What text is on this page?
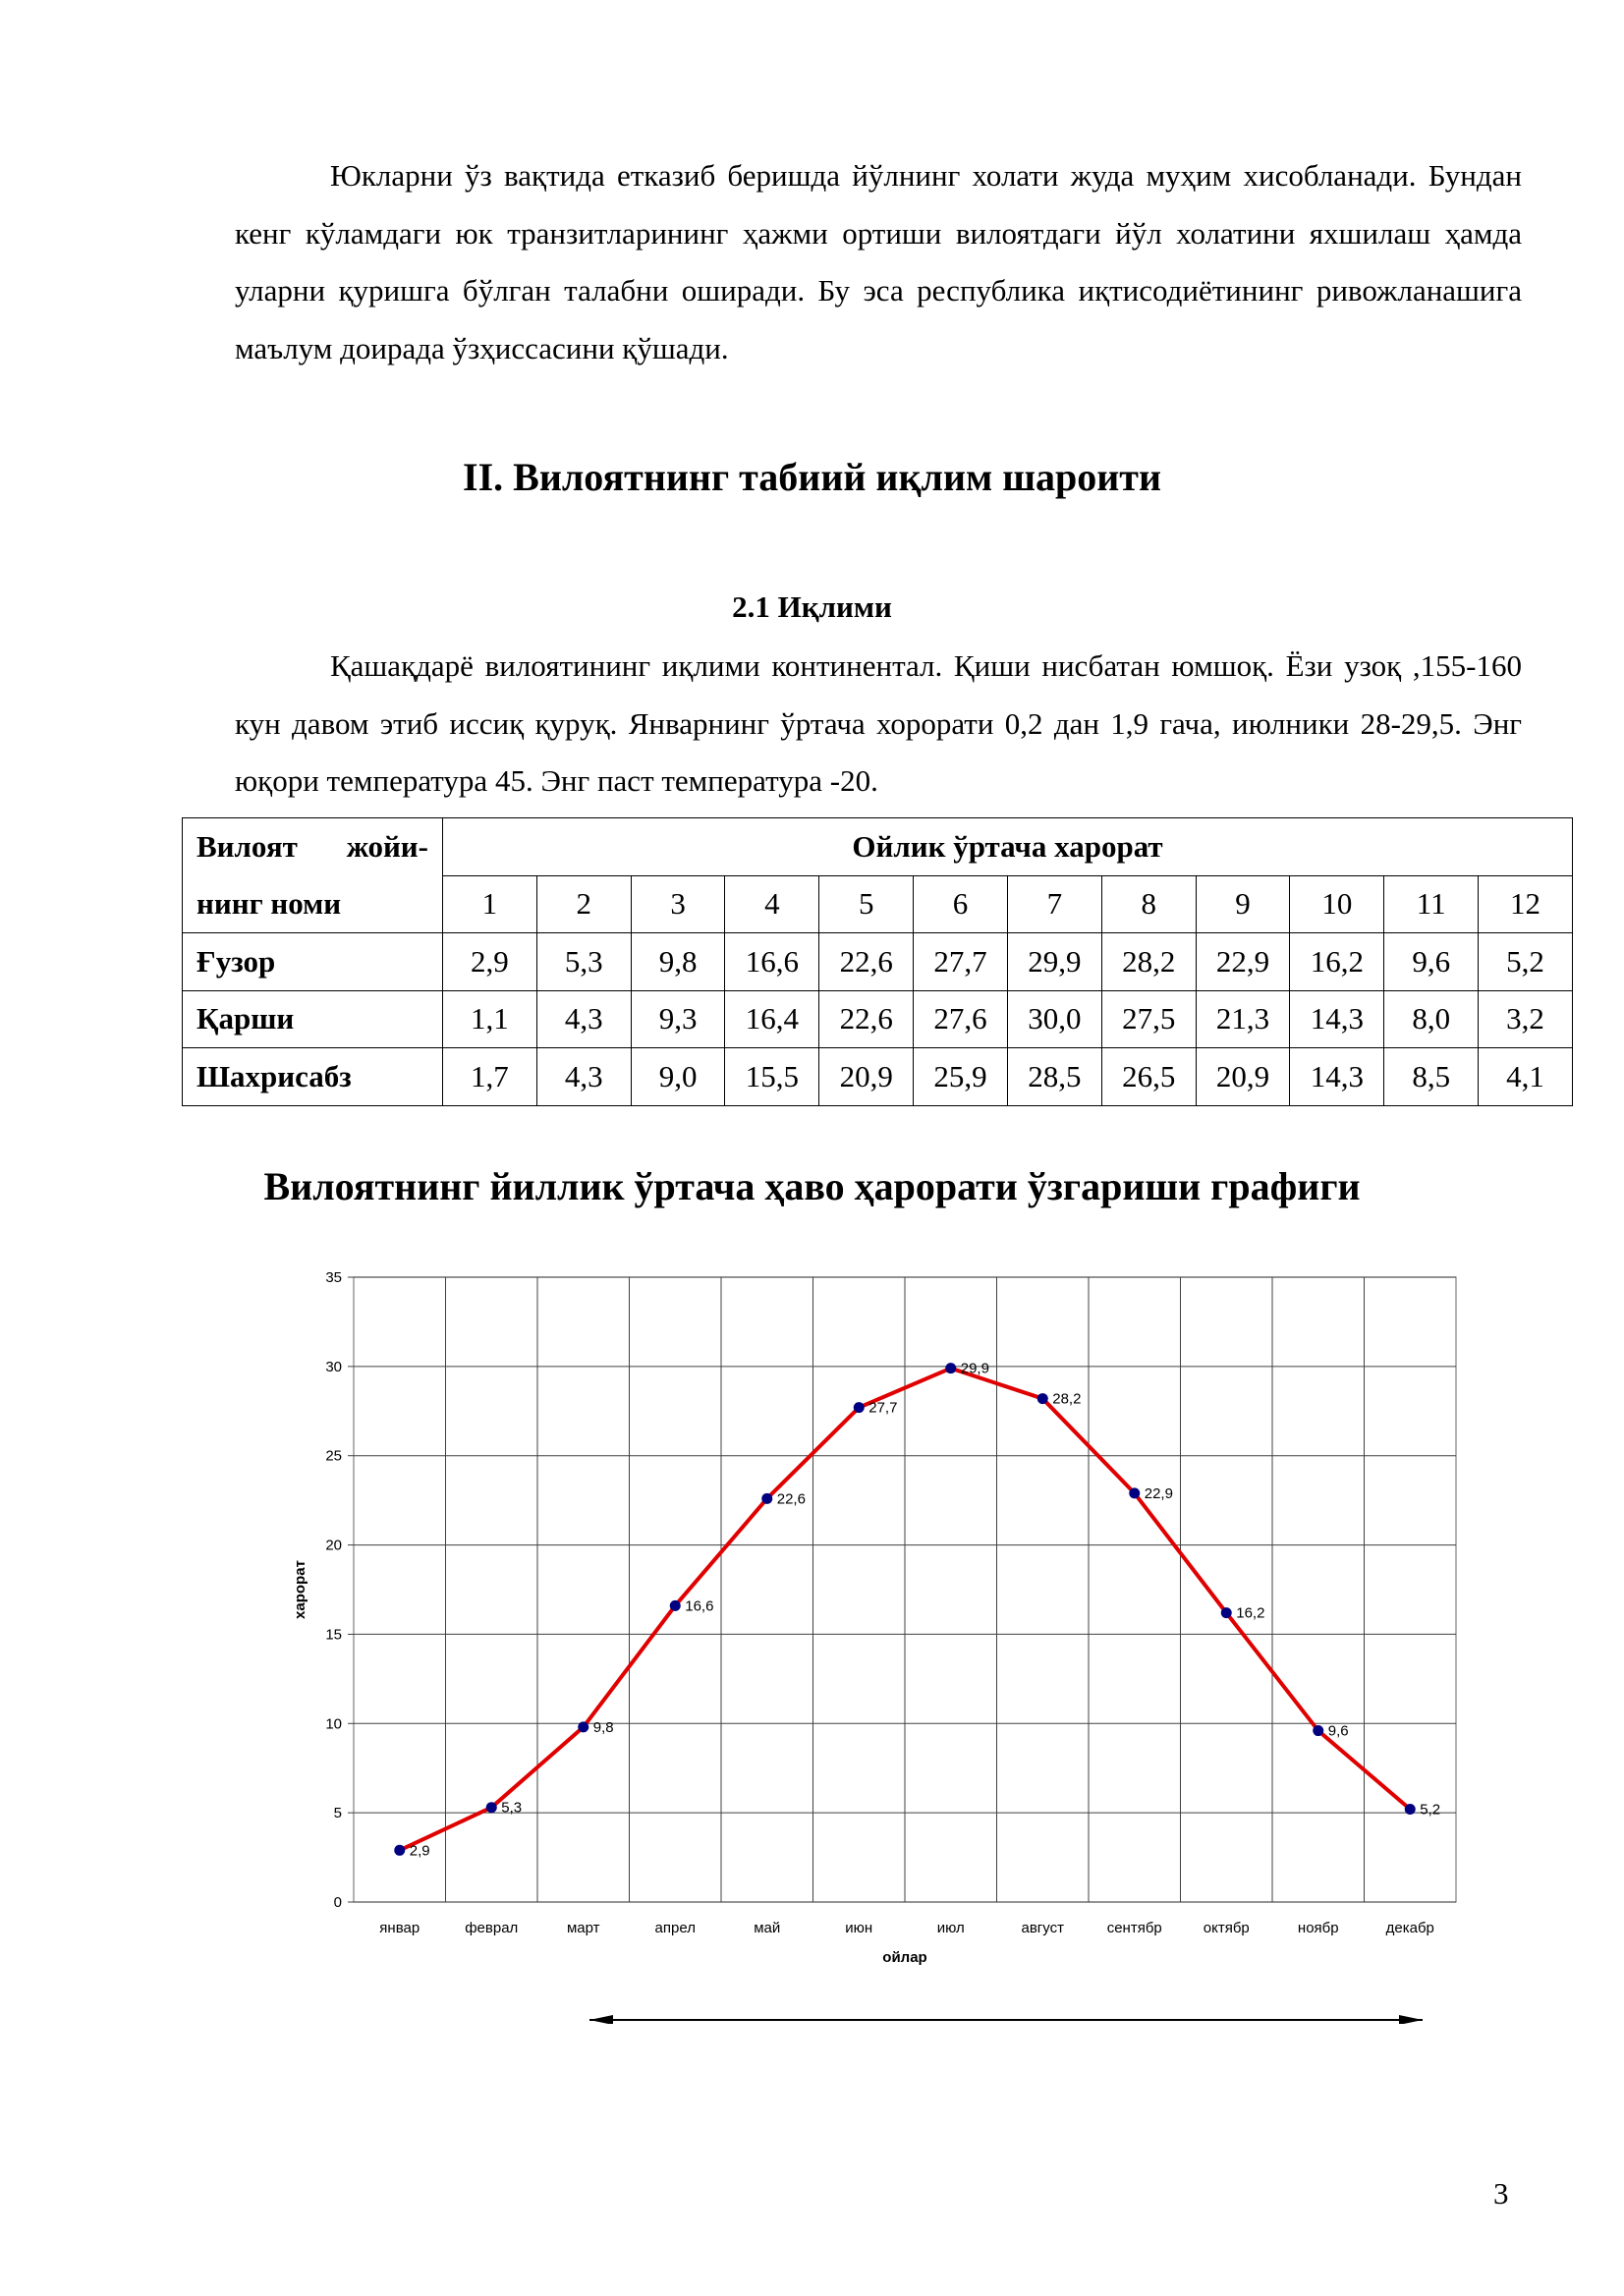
Юкларни ўз вақтида етказиб беришда йўлнинг холати жуда муҳим хисобланади. Бундан кенг кўламдаги юк транзитларининг ҳажми ортиши вилоятдаги йўл холатини яхшилаш ҳамда уларни қуришга бўлган талабни оширади. Бу эса республика иқтисодиётининг ривожланашига маълум доирада ўзҳиссасини қўшади.

II. Вилоятнинг табиий иқлим шароити
2.1 Иқлими

Қашақдарё вилоятининг иқлими континентал. Қиши нисбатан юмшоқ. Ёзи узоқ ,155-160 кун давом этиб иссиқ қуруқ. Январнинг ўртача хорорати 0,2 дан 1,9 гача, июлники 28-29,5. Энг юқори температура 45. Энг паст температура -20.

Вилоят жойи-	Ойлик ўртача харорат											
нинг номи	1	2	3	4	5	6	7	8	9	10	11	12
Ғузор	2,9	5,3	9,8	16,6	22,6	27,7	29,9	28,2	22,9	16,2	9,6	5,2
Қарши	1,1	4,3	9,3	16,4	22,6	27,6	30,0	27,5	21,3	14,3	8,0	3,2
Шахрисабз	1,7	4,3	9,0	15,5	20,9	25,9	28,5	26,5	20,9	14,3	8,5	4,1
Вилоятнинг йиллик ўртача ҳаво ҳарорати ўзгариши графиги
0
5
10
15
20
25
30
35
январ	феврал	март	апрел	май	июн	июл	август	сентябр	октябр	ноябр	декабр
ойлар
харорат
2,9
5,3
9,8
16,6
22,6
27,7
29,9
28,2
22,9
16,2
9,6
5,2
3
